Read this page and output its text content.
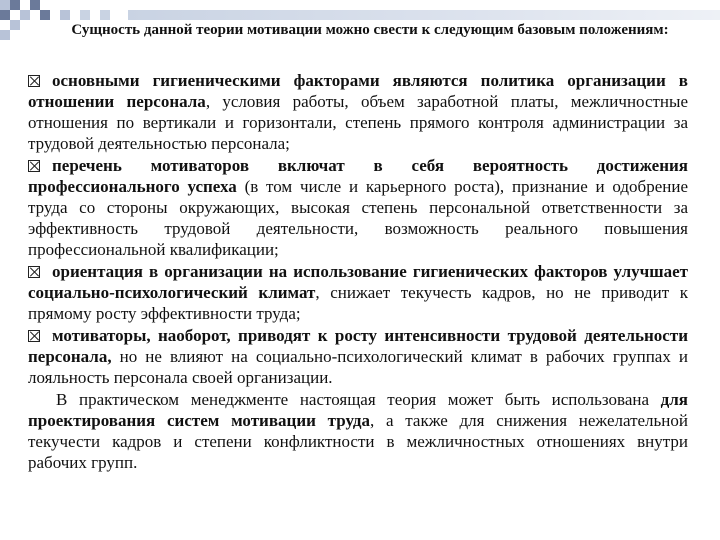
Сущность данной теории мотивации можно свести к следующим базовым положениям:
основными гигиеническими факторами являются политика организации в отношении персонала, условия работы, объем заработной платы, межличностные отношения по вертикали и горизонтали, степень прямого контроля администрации за трудовой деятельностью персонала;
перечень мотиваторов включат в себя вероятность достижения профессионального успеха (в том числе и карьерного роста), признание и одобрение труда со стороны окружающих, высокая степень персональной ответственности за эффективность трудовой деятельности, возможность реального повышения профессиональной квалификации;
ориентация в организации на использование гигиенических факторов улучшает социально-психологический климат, снижает текучесть кадров, но не приводит к прямому росту эффективности труда;
мотиваторы, наоборот, приводят к росту интенсивности трудовой деятельности персонала, но не влияют на социально-психологический климат в рабочих группах и лояльность персонала своей организации.

В практическом менеджменте настоящая теория может быть использована для проектирования систем мотивации труда, а также для снижения нежелательной текучести кадров и степени конфликтности в межличностных отношениях внутри рабочих групп.
